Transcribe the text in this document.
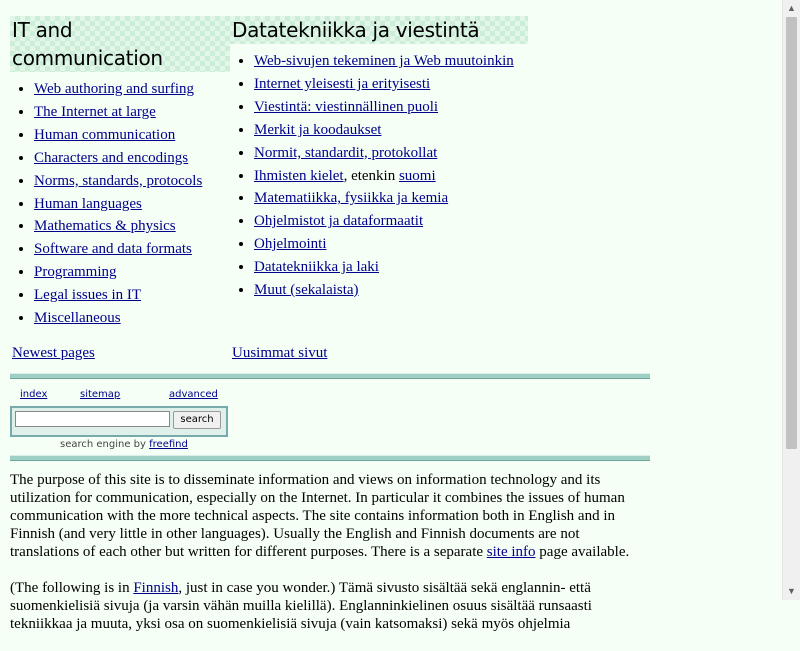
IT and communication
• Web authoring and surfing
• The Internet at large
• Human communication
• Characters and encodings
• Norms, standards, protocols
• Human languages
• Mathematics & physics
• Software and data formats
• Programming
• Legal issues in IT
• Miscellaneous
Datatekniikka ja viestintä
• Web-sivujen tekeminen ja Web muutoinkin
• Internet yleisesti ja erityisesti
• Viestintä: viestinnällinen puoli
• Merkit ja koodaukset
• Normit, standardit, protokollat
• Ihmisten kielet, etenkin suomi
• Matematiikka, fysiikka ja kemia
• Ohjelmistot ja dataformaatit
• Ohjelmointi
• Datatekniikka ja laki
• Muut (sekalaista)
Newest pages	Uusimmat sivut
index	sitemap	advanced
search
search engine by freefind

The purpose of this site is to disseminate information and views on information technology and its utilization for communication, especially on the Internet. In particular it combines the issues of human communication with the more technical aspects. The site contains information both in English and in Finnish (and very little in other languages). Usually the English and Finnish documents are not translations of each other but written for different purposes. There is a separate site info page available.

(The following is in Finnish, just in case you wonder.) Tämä sivusto sisältää sekä englannin- että suomenkielisiä sivuja (ja varsin vähän muilla kielillä). Englanninkielinen osuus sisältää runsaasti tekniikkaa ja muuta, yksi osa on suomenkielisiä sivuja (vain katsomaksi) sekä myös ohjelmia

▲
▼
